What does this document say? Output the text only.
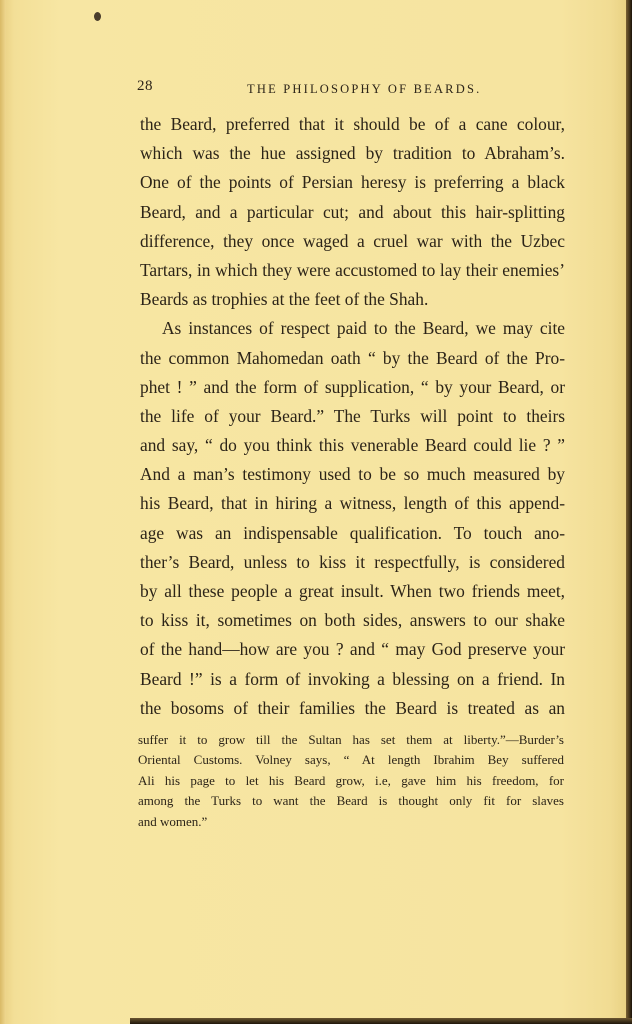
28	THE PHILOSOPHY OF BEARDS.
the Beard, preferred that it should be of a cane colour,
which was the hue assigned by tradition to Abraham’s.
One of the points of Persian heresy is preferring a black
Beard, and a particular cut; and about this hair-splitting
difference, they once waged a cruel war with the Uzbec
Tartars, in which they were accustomed to lay their enemies’
Beards as trophies at the feet of the Shah.
As instances of respect paid to the Beard, we may cite
the common Mahomedan oath “ by the Beard of the Pro-
phet ! ” and the form of supplication, “ by your Beard, or
the life of your Beard.” The Turks will point to theirs
and say, “ do you think this venerable Beard could lie ? ”
And a man’s testimony used to be so much measured by
his Beard, that in hiring a witness, length of this append-
age was an indispensable qualification. To touch ano-
ther’s Beard, unless to kiss it respectfully, is considered
by all these people a great insult. When two friends meet,
to kiss it, sometimes on both sides, answers to our shake
of the hand—how are you ? and “ may God preserve your
Beard !” is a form of invoking a blessing on a friend. In
the bosoms of their families the Beard is treated as an
suffer it to grow till the Sultan has set them at liberty.”—Burder’s
Oriental Customs. Volney says, “ At length Ibrahim Bey suffered
Ali his page to let his Beard grow, i.e, gave him his freedom, for
among the Turks to want the Beard is thought only fit for slaves
and women.”
